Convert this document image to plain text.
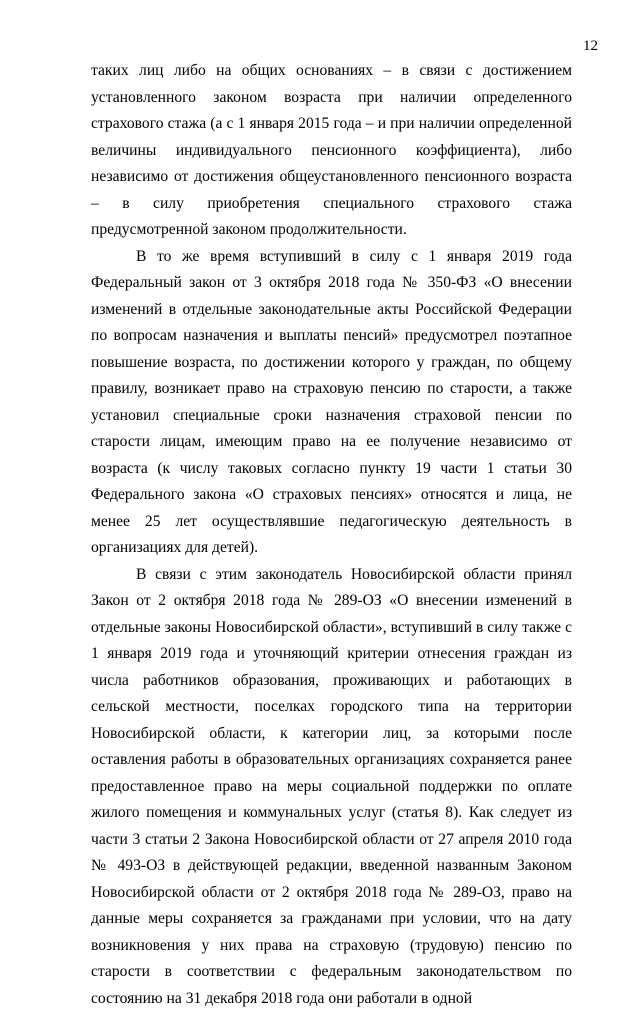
12

таких лиц либо на общих основаниях – в связи с достижением установленного законом возраста при наличии определенного страхового стажа (а с 1 января 2015 года – и при наличии определенной величины индивидуального пенсионного коэффициента), либо независимо от достижения общеустановленного пенсионного возраста – в силу приобретения специального страхового стажа предусмотренной законом продолжительности.

В то же время вступивший в силу с 1 января 2019 года Федеральный закон от 3 октября 2018 года № 350-ФЗ «О внесении изменений в отдельные законодательные акты Российской Федерации по вопросам назначения и выплаты пенсий» предусмотрел поэтапное повышение возраста, по достижении которого у граждан, по общему правилу, возникает право на страховую пенсию по старости, а также установил специальные сроки назначения страховой пенсии по старости лицам, имеющим право на ее получение независимо от возраста (к числу таковых согласно пункту 19 части 1 статьи 30 Федерального закона «О страховых пенсиях» относятся и лица, не менее 25 лет осуществлявшие педагогическую деятельность в организациях для детей).

В связи с этим законодатель Новосибирской области принял Закон от 2 октября 2018 года № 289-ОЗ «О внесении изменений в отдельные законы Новосибирской области», вступивший в силу также с 1 января 2019 года и уточняющий критерии отнесения граждан из числа работников образования, проживающих и работающих в сельской местности, поселках городского типа на территории Новосибирской области, к категории лиц, за которыми после оставления работы в образовательных организациях сохраняется ранее предоставленное право на меры социальной поддержки по оплате жилого помещения и коммунальных услуг (статья 8). Как следует из части 3 статьи 2 Закона Новосибирской области от 27 апреля 2010 года № 493-ОЗ в действующей редакции, введенной названным Законом Новосибирской области от 2 октября 2018 года № 289-ОЗ, право на данные меры сохраняется за гражданами при условии, что на дату возникновения у них права на страховую (трудовую) пенсию по старости в соответствии с федеральным законодательством по состоянию на 31 декабря 2018 года они работали в одной
